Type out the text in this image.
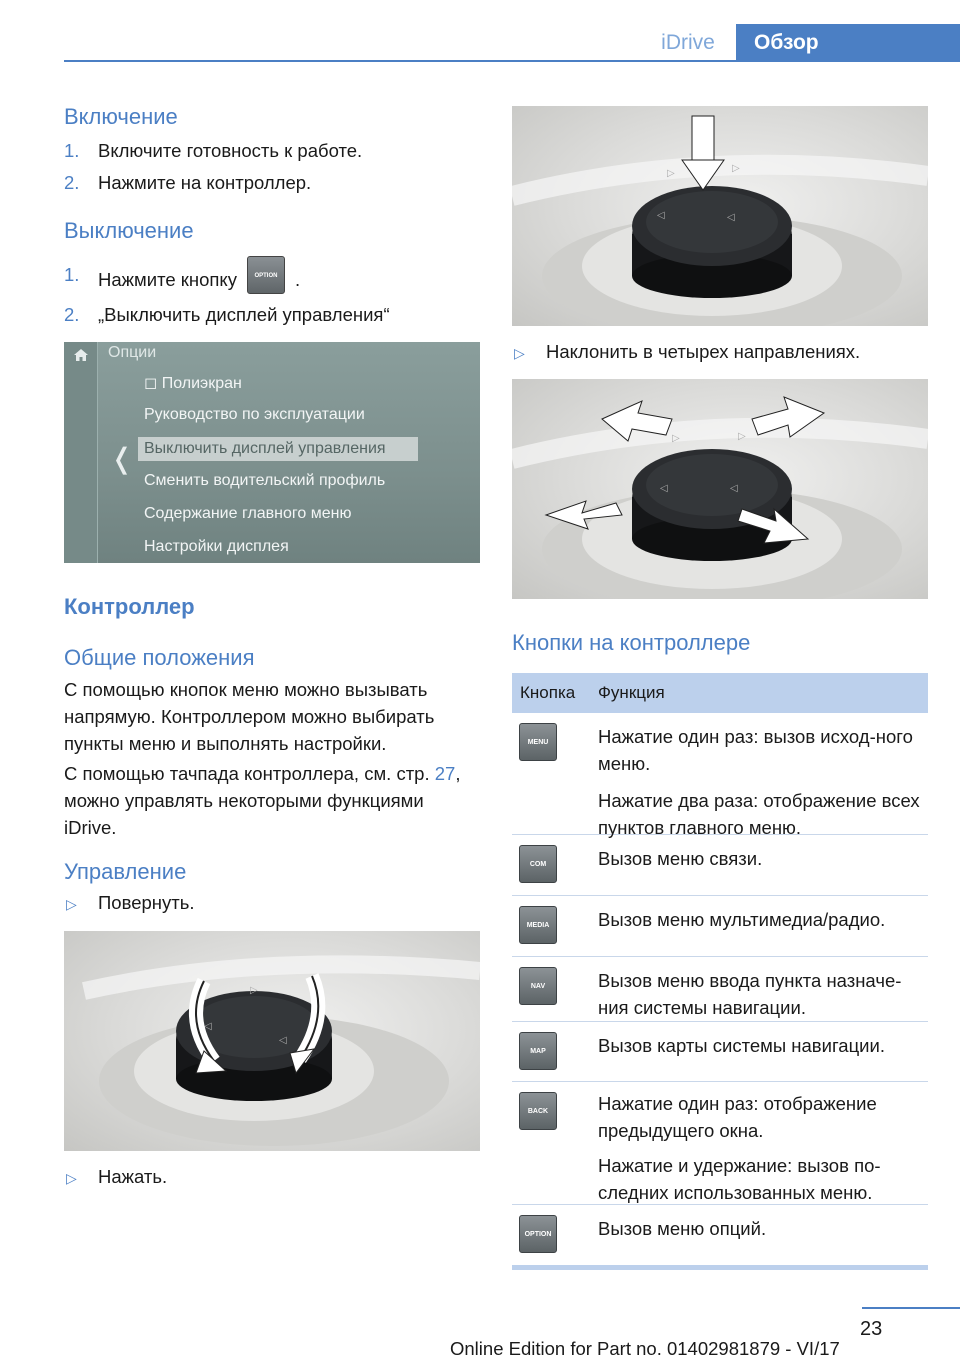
iDrive	Обзор
Включение
1. Включите готовность к работе.
2. Нажмите на контроллер.
Выключение
1. Нажмите кнопку	OPTION .
2. „Выключить дисплей управления“
Опции
❬
◻ Полиэкран
Руководство по эксплуатации
Выключить дисплей управления
Сменить водительский профиль
Содержание главного меню
Настройки дисплея
Контроллер
Общие положения
С помощью кнопок меню можно вызывать напрямую. Контроллером можно выбирать пункты меню и выполнять настройки.
С помощью тачпада контроллера, см. стр. 27, можно управлять некоторыми функциями iDrive.
Управление
▷ Повернуть.
▷
◁
◁
◁
▷ Нажать.
▷	▷
◁	◁
▷ Наклонить в четырех направлениях.
▷	▷
◁	◁
Кнопки на контроллере
Кнопка Функция
MENU	Нажатие один раз: вызов исход-ного меню.
Нажатие два раза: отображение всех пунктов главного меню.
COM	Вызов меню связи.
MEDIA	Вызов меню мультимедиа/радио.
NAV	Вызов меню ввода пункта назначе-ния системы навигации.
MAP	Вызов карты системы навигации.
BACK	Нажатие один раз: отображение предыдущего окна.
Нажатие и удержание: вызов по-следних использованных меню.
OPTION	Вызов меню опций.
23
Online Edition for Part no. 01402981879 - VI/17
